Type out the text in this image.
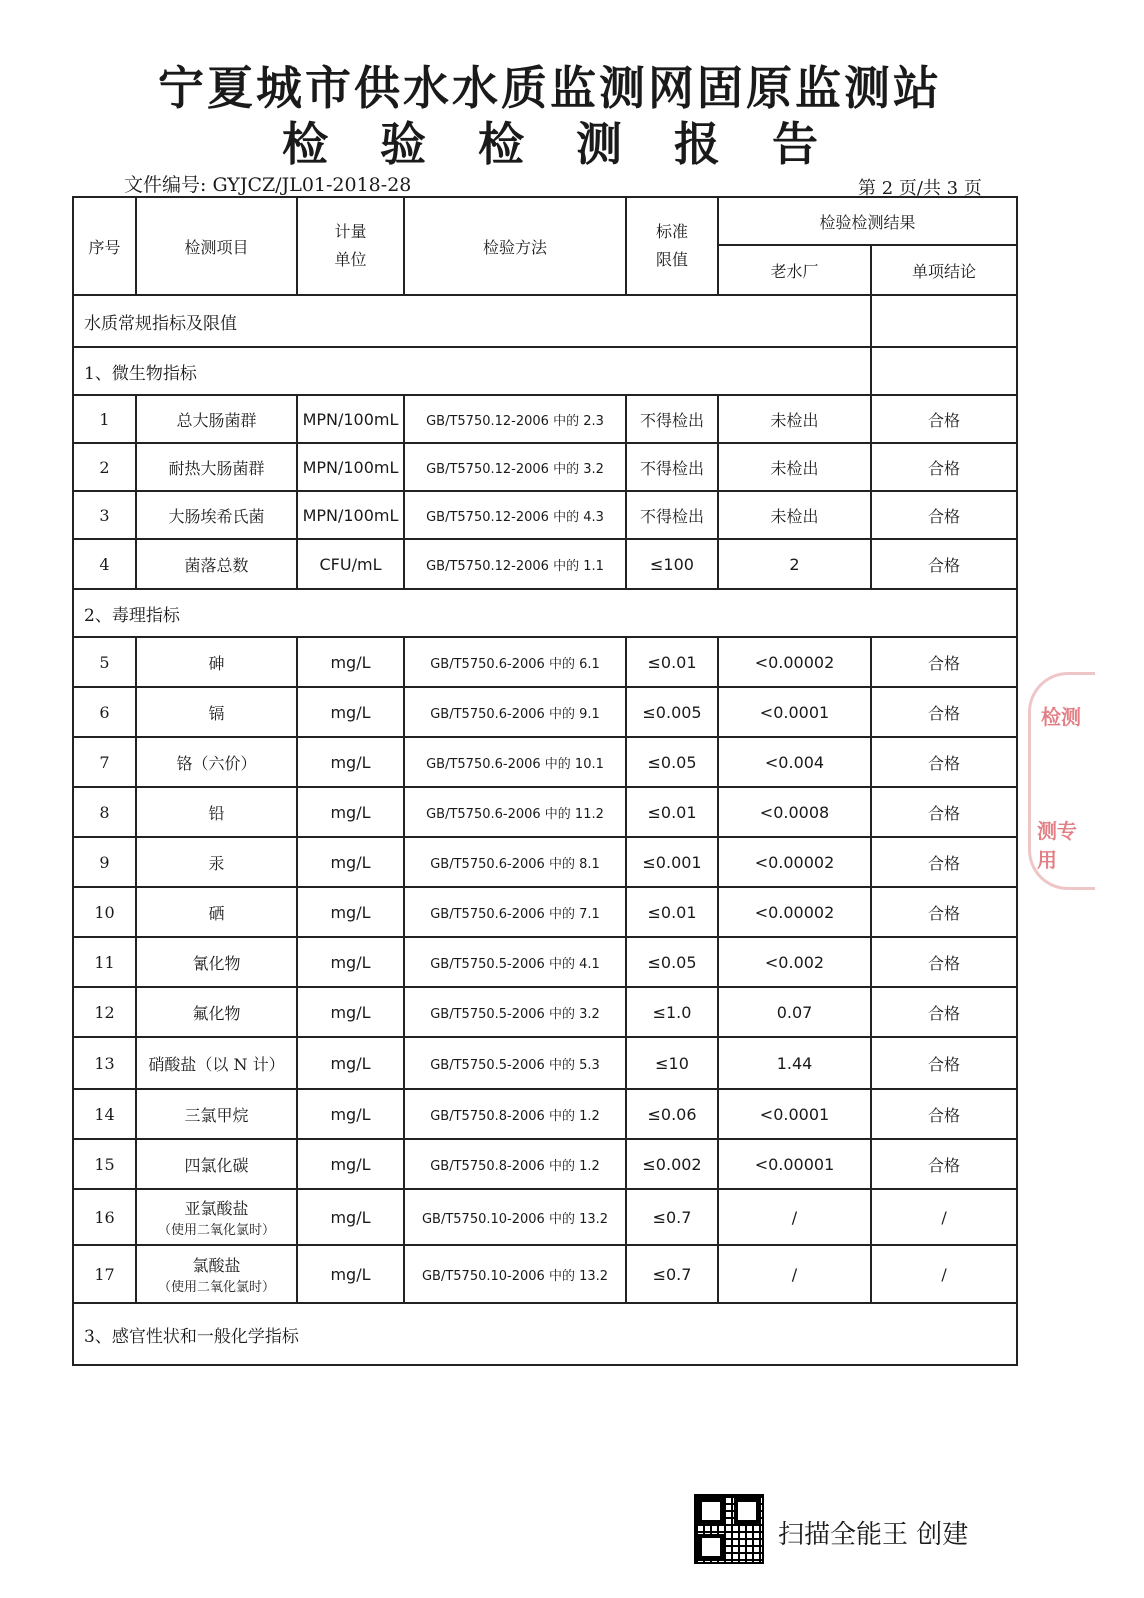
宁夏城市供水水质监测网固原监测站
检验检测报告
文件编号: GYJCZ/JL01-2018-28	第 2 页/共 3 页
序号	检测项目	计量单位	检验方法	标准限值	检验检测结果	
					老水厂	单项结论
水质常规指标及限值						
1、微生物指标						
1	总大肠菌群	MPN/100mL	GB/T5750.12-2006 中的 2.3	不得检出	未检出	合格
2	耐热大肠菌群	MPN/100mL	GB/T5750.12-2006 中的 3.2	不得检出	未检出	合格
3	大肠埃希氏菌	MPN/100mL	GB/T5750.12-2006 中的 4.3	不得检出	未检出	合格
4	菌落总数	CFU/mL	GB/T5750.12-2006 中的 1.1	≤100	2	合格
2、毒理指标						
5	砷	mg/L	GB/T5750.6-2006 中的 6.1	≤0.01	<0.00002	合格
6	镉	mg/L	GB/T5750.6-2006 中的 9.1	≤0.005	<0.0001	合格
7	铬（六价）	mg/L	GB/T5750.6-2006 中的 10.1	≤0.05	<0.004	合格
8	铅	mg/L	GB/T5750.6-2006 中的 11.2	≤0.01	<0.0008	合格
9	汞	mg/L	GB/T5750.6-2006 中的 8.1	≤0.001	<0.00002	合格
10	硒	mg/L	GB/T5750.6-2006 中的 7.1	≤0.01	<0.00002	合格
11	氰化物	mg/L	GB/T5750.5-2006 中的 4.1	≤0.05	<0.002	合格
12	氟化物	mg/L	GB/T5750.5-2006 中的 3.2	≤1.0	0.07	合格
13	硝酸盐（以 N 计）	mg/L	GB/T5750.5-2006 中的 5.3	≤10	1.44	合格
14	三氯甲烷	mg/L	GB/T5750.8-2006 中的 1.2	≤0.06	<0.0001	合格
15	四氯化碳	mg/L	GB/T5750.8-2006 中的 1.2	≤0.002	<0.00001	合格
16	亚氯酸盐
（使用二氧化氯时）	mg/L	GB/T5750.10-2006 中的 13.2	≤0.7	/	/
17	氯酸盐
（使用二氧化氯时）	mg/L	GB/T5750.10-2006 中的 13.2	≤0.7	/	/
3、感官性状和一般化学指标						
检测
测专用
扫描全能王 创建
